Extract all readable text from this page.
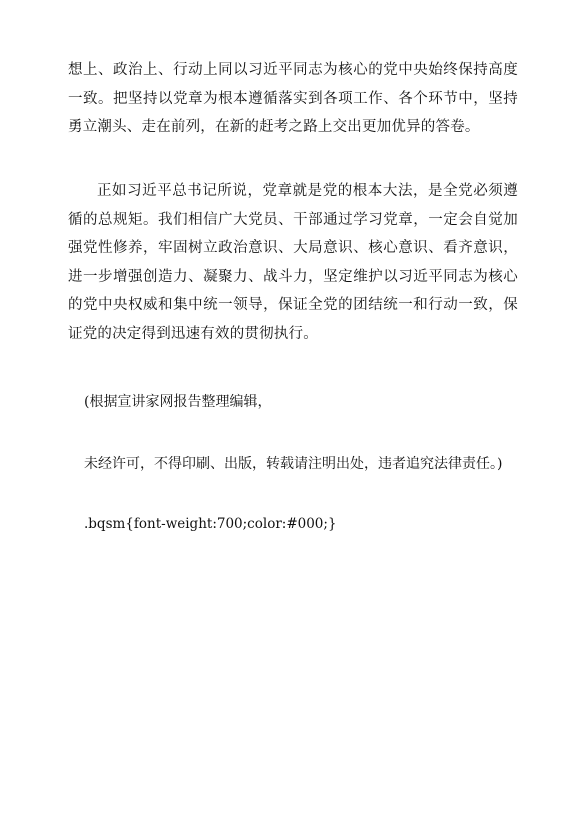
想上、政治上、行动上同以习近平同志为核心的党中央始终保持高度一致。把坚持以党章为根本遵循落实到各项工作、各个环节中，坚持勇立潮头、走在前列，在新的赶考之路上交出更加优异的答卷。

正如习近平总书记所说，党章就是党的根本大法，是全党必须遵循的总规矩。我们相信广大党员、干部通过学习党章，一定会自觉加强党性修养，牢固树立政治意识、大局意识、核心意识、看齐意识，进一步增强创造力、凝聚力、战斗力，坚定维护以习近平同志为核心的党中央权威和集中统一领导，保证全党的团结统一和行动一致，保证党的决定得到迅速有效的贯彻执行。

(根据宣讲家网报告整理编辑，

未经许可，不得印刷、出版，转载请注明出处，违者追究法律责任。)

.bqsm{font-weight:700;color:#000;}
